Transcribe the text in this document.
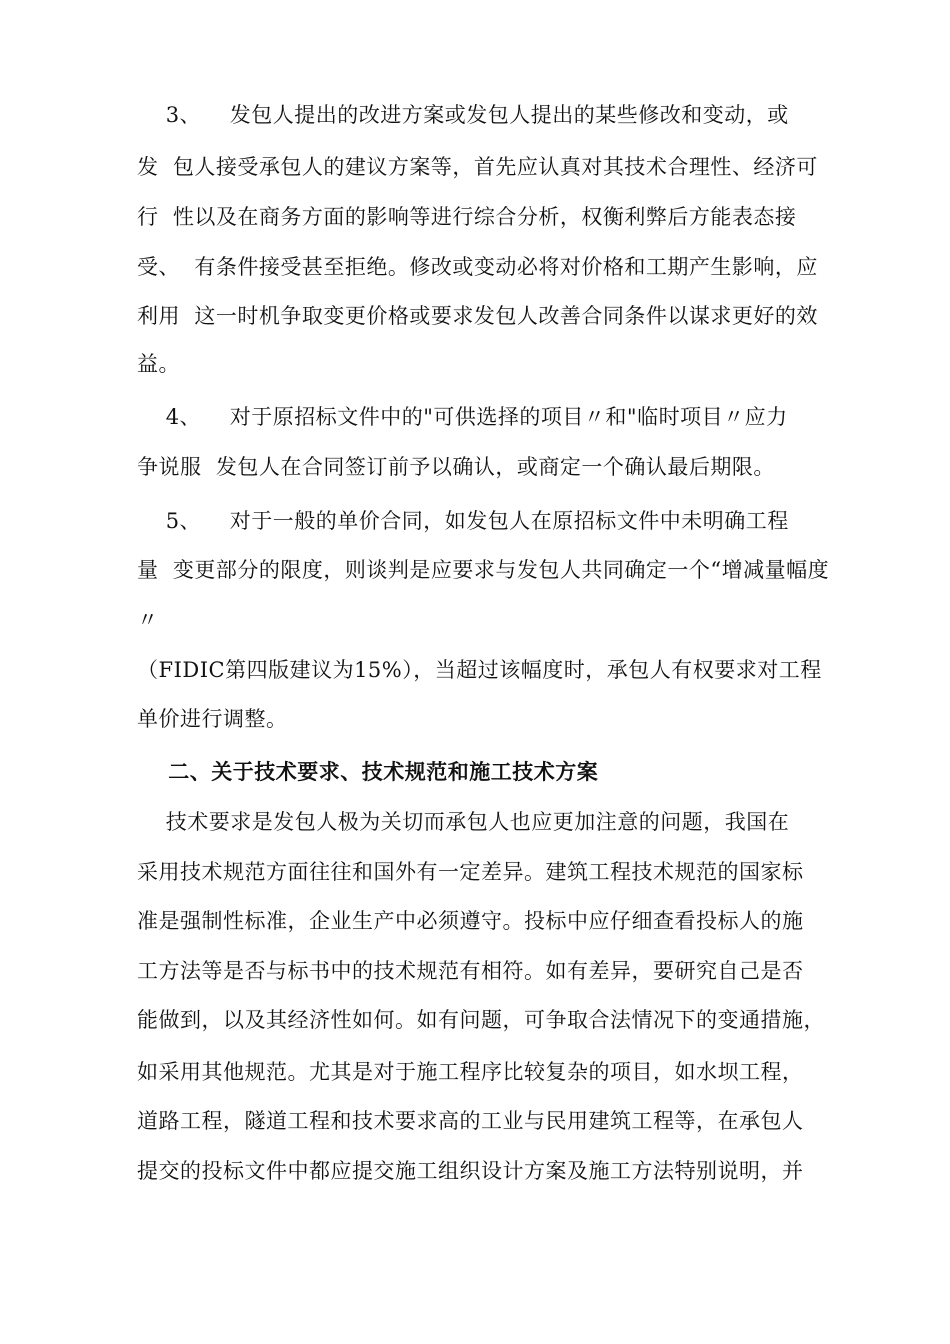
3、    发包人提出的改进方案或发包人提出的某些修改和变动，或
发  包人接受承包人的建议方案等，首先应认真对其技术合理性、经济可
行  性以及在商务方面的影响等进行综合分析，权衡利弊后方能表态接
受、  有条件接受甚至拒绝。修改或变动必将对价格和工期产生影响，应
利用  这一时机争取变更价格或要求发包人改善合同条件以谋求更好的效
益。
4、    对于原招标文件中的"可供选择的项目〃和"临时项目〃应力
争说服  发包人在合同签订前予以确认，或商定一个确认最后期限。
5、    对于一般的单价合同，如发包人在原招标文件中未明确工程
量  变更部分的限度，则谈判是应要求与发包人共同确定一个“增减量幅度
〃
（FIDIC第四版建议为15%），当超过该幅度时，承包人有权要求对工程
单价进行调整。
二、关于技术要求、技术规范和施工技术方案
技术要求是发包人极为关切而承包人也应更加注意的问题，我国在
采用技术规范方面往往和国外有一定差异。建筑工程技术规范的国家标
准是强制性标准，企业生产中必须遵守。投标中应仔细查看投标人的施
工方法等是否与标书中的技术规范有相符。如有差异，要研究自己是否
能做到，以及其经济性如何。如有问题，可争取合法情况下的变通措施，
如采用其他规范。尤其是对于施工程序比较复杂的项目，如水坝工程，
道路工程，隧道工程和技术要求高的工业与民用建筑工程等，在承包人
提交的投标文件中都应提交施工组织设计方案及施工方法特别说明，并
